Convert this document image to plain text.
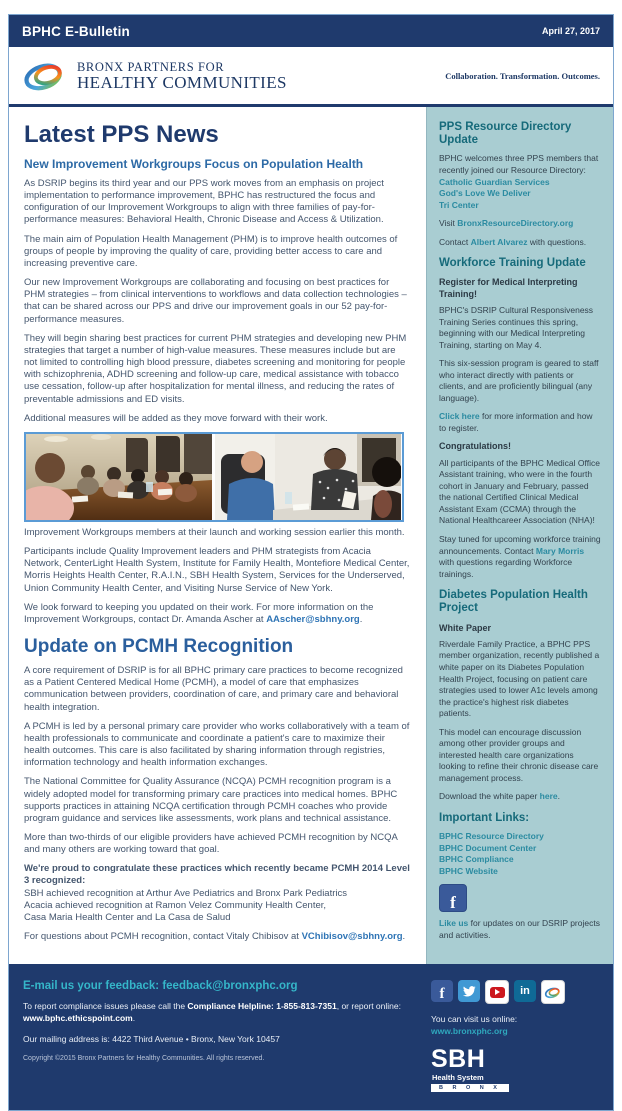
BPHC E-Bulletin	April 27, 2017
BRONX PARTNERS FOR
HEALTHY COMMUNITIES	Collaboration. Transformation. Outcomes.
Latest PPS News
New Improvement Workgroups Focus on Population Health

As DSRIP begins its third year and our PPS work moves from an emphasis on project implementation to performance improvement, BPHC has restructured the focus and configuration of our Improvement Workgroups to align with three families of pay-for-performance measures: Behavioral Health, Chronic Disease and Access & Utilization.

The main aim of Population Health Management (PHM) is to improve health outcomes of groups of people by improving the quality of care, providing better access to care and increasing preventive care.

Our new Improvement Workgroups are collaborating and focusing on best practices for PHM strategies – from clinical interventions to workflows and data collection technologies – that can be shared across our PPS and drive our improvement goals in our 52 pay-for-performance measures.

They will begin sharing best practices for current PHM strategies and developing new PHM strategies that target a number of high-value measures. These measures include but are not limited to controlling high blood pressure, diabetes screening and monitoring for people with schizophrenia, ADHD screening and follow-up care, medical assistance with tobacco use cessation, follow-up after hospitalization for mental illness, and reducing the rates of preventable admissions and ED visits.

Additional measures will be added as they move forward with their work.

Improvement Workgroups members at their launch and working session earlier this month.

Participants include Quality Improvement leaders and PHM strategists from Acacia Network, CenterLight Health System, Institute for Family Health, Montefiore Medical Center, Morris Heights Health Center, R.A.I.N., SBH Health System, Services for the Underserved, Union Community Health Center, and Visiting Nurse Service of New York.

We look forward to keeping you updated on their work. For more information on the Improvement Workgroups, contact Dr. Amanda Ascher at AAscher@sbhny.org.

Update on PCMH Recognition

A core requirement of DSRIP is for all BPHC primary care practices to become recognized as a Patient Centered Medical Home (PCMH), a model of care that emphasizes communication between providers, coordination of care, and primary care and behavioral health integration.

A PCMH is led by a personal primary care provider who works collaboratively with a team of health professionals to communicate and coordinate a patient's care to maximize their health outcomes. This care is also facilitated by sharing information through registries, information technology and health information exchanges.

The National Committee for Quality Assurance (NCQA) PCMH recognition program is a widely adopted model for transforming primary care practices into medical homes. BPHC supports practices in attaining NCQA certification through PCMH coaches who provide program guidance and services like assessments, work plans and technical assistance.

More than two-thirds of our eligible providers have achieved PCMH recognition by NCQA and many others are working toward that goal.

We're proud to congratulate these practices which recently became PCMH 2014 Level 3 recognized:
SBH achieved recognition at Arthur Ave Pediatrics and Bronx Park Pediatrics
Acacia achieved recognition at Ramon Velez Community Health Center,
Casa Maria Health Center and La Casa de Salud

For questions about PCMH recognition, contact Vitaly Chibisov at VChibisov@sbhny.org.

PPS Resource Directory Update

BPHC welcomes three PPS members that recently joined our Resource Directory:
Catholic Guardian Services
God's Love We Deliver
Tri Center

Visit BronxResourceDirectory.org

Contact Albert Alvarez with questions.

Workforce Training Update
Register for Medical Interpreting Training!

BPHC's DSRIP Cultural Responsiveness Training Series continues this spring, beginning with our Medical Interpreting Training, starting on May 4.

This six-session program is geared to staff who interact directly with patients or clients, and are proficiently bilingual (any language).

Click here for more information and how to register.

Congratulations!

All participants of the BPHC Medical Office Assistant training, who were in the fourth cohort in January and February, passed the national Certified Clinical Medical Assistant Exam (CCMA) through the National Healthcareer Association (NHA)!

Stay tuned for upcoming workforce training announcements. Contact Mary Morris with questions regarding Workforce trainings.

Diabetes Population Health Project
White Paper

Riverdale Family Practice, a BPHC PPS member organization, recently published a white paper on its Diabetes Population Health Project, focusing on patient care strategies used to lower A1c levels among the practice's highest risk diabetes patients.

This model can encourage discussion among other provider groups and interested health care organizations looking to refine their chronic disease care management process.

Download the white paper here.

Important Links:

BPHC Resource Directory
BPHC Document Center
BPHC Compliance
BPHC Website

f

Like us for updates on our DSRIP projects and activities.

E-mail us your feedback: feedback@bronxphc.org

To report compliance issues please call the Compliance Helpline: 1-855-813-7351, or report online: www.bphc.ethicspoint.com.

Our mailing address is: 4422 Third Avenue • Bronx, New York 10457

Copyright ©2015 Bronx Partners for Healthy Communities. All rights reserved.

f	in

You can visit us online:

www.bronxphc.org

SBH
Health System
B R O N X
